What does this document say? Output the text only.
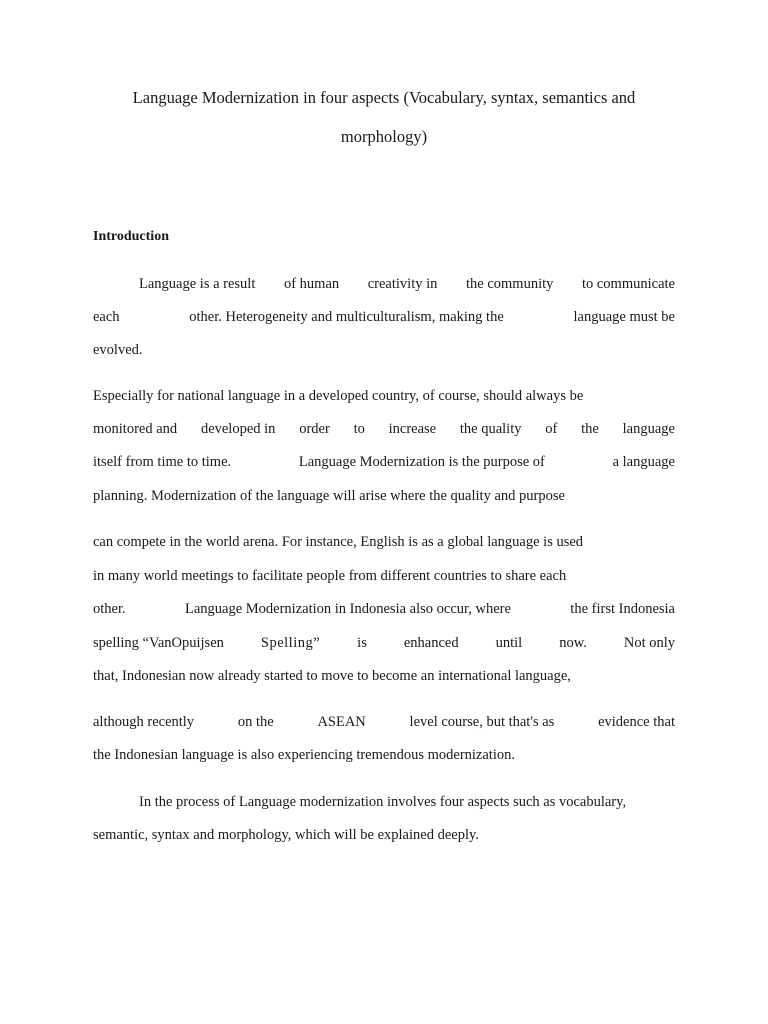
Language Modernization in four aspects (Vocabulary, syntax, semantics and
morphology)
Introduction
Language is a result of human creativity in the community to communicate
each	other. Heterogeneity and multiculturalism, making the	language must be

evolved.

Especially for national language in a developed country, of course, should always be

monitored and developed in order to increase the quality of the language
itself from time to time.	Language Modernization is the purpose of	a language

planning. Modernization of the language will arise where the quality and purpose

can compete in the world arena. For instance, English is as a global language is used

in many world meetings to facilitate people from different countries to share each

other.	Language Modernization in Indonesia also occur, where	the first Indonesia
spelling “VanOpuijsen	Spelling”	is	enhanced	until	now.	Not only

that, Indonesian now already started to move to become an international language,

although recently	on the	ASEAN	level course, but that's as	evidence that

the Indonesian language is also experiencing tremendous modernization.

In the process of Language modernization involves four aspects such as vocabulary,

semantic, syntax and morphology, which will be explained deeply.
